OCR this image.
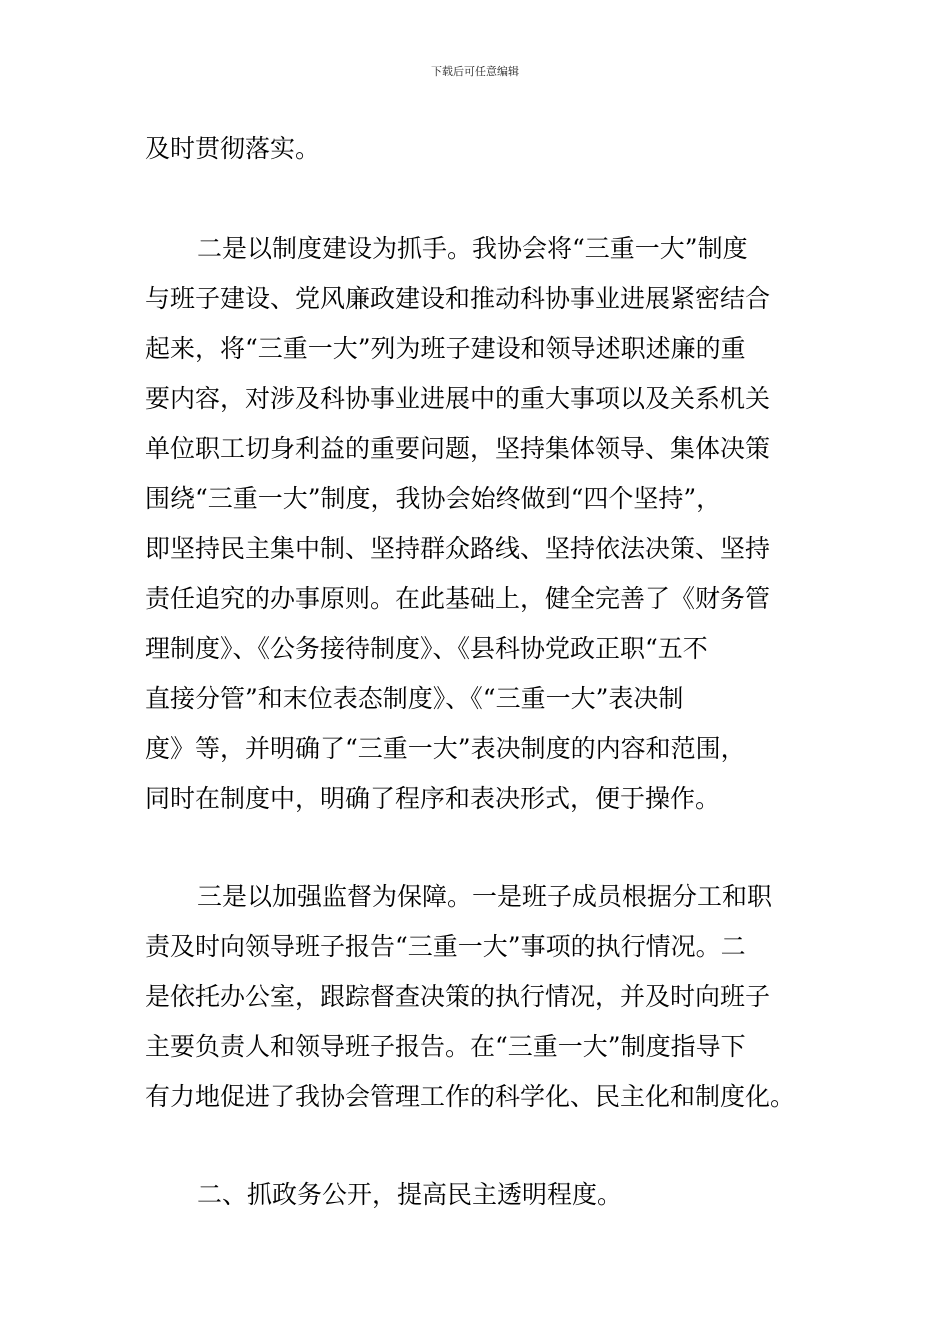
下载后可任意编辑
及时贯彻落实。
二是以制度建设为抓手。我协会将“三重一大”制度
与班子建设、党风廉政建设和推动科协事业进展紧密结合
起来，将“三重一大”列为班子建设和领导述职述廉的重
要内容，对涉及科协事业进展中的重大事项以及关系机关
单位职工切身利益的重要问题，坚持集体领导、集体决策
围绕“三重一大”制度，我协会始终做到“四个坚持”，
即坚持民主集中制、坚持群众路线、坚持依法决策、坚持
责任追究的办事原则。在此基础上，健全完善了《财务管
理制度》、《公务接待制度》、《县科协党政正职“五不
直接分管”和末位表态制度》、《“三重一大”表决制
度》等，并明确了“三重一大”表决制度的内容和范围，
同时在制度中，明确了程序和表决形式，便于操作。
三是以加强监督为保障。一是班子成员根据分工和职
责及时向领导班子报告“三重一大”事项的执行情况。二
是依托办公室，跟踪督查决策的执行情况，并及时向班子
主要负责人和领导班子报告。在“三重一大”制度指导下
有力地促进了我协会管理工作的科学化、民主化和制度化。
二、抓政务公开，提高民主透明程度。
